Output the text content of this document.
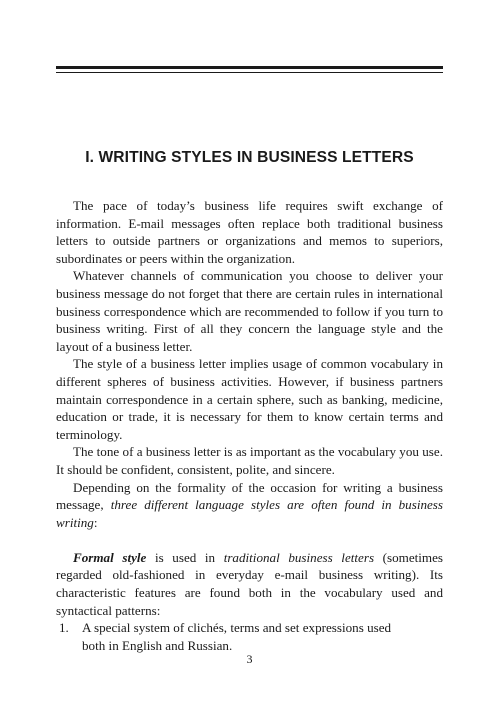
I. WRITING STYLES IN BUSINESS LETTERS

The pace of today’s business life requires swift exchange of information. E-mail messages often replace both traditional business letters to outside partners or organizations and memos to superiors, subordinates or peers within the organization.

Whatever channels of communication you choose to deliver your business message do not forget that there are certain rules in international business correspondence which are recommended to follow if you turn to business writing. First of all they concern the language style and the layout of a business letter.

The style of a business letter implies usage of common vocabulary in different spheres of business activities. However, if business partners maintain correspondence in a certain sphere, such as banking, medicine, education or trade, it is necessary for them to know certain terms and terminology.

The tone of a business letter is as important as the vocabulary you use. It should be confident, consistent, polite, and sincere.

Depending on the formality of the occasion for writing a business message, three different language styles are often found in business writing:

Formal style is used in traditional business letters (sometimes regarded old-fashioned in everyday e-mail business writing). Its characteristic features are found both in the vocabulary used and syntactical patterns:

1.	A special system of clichés, terms and set expressions used
both in English and Russian.
3
